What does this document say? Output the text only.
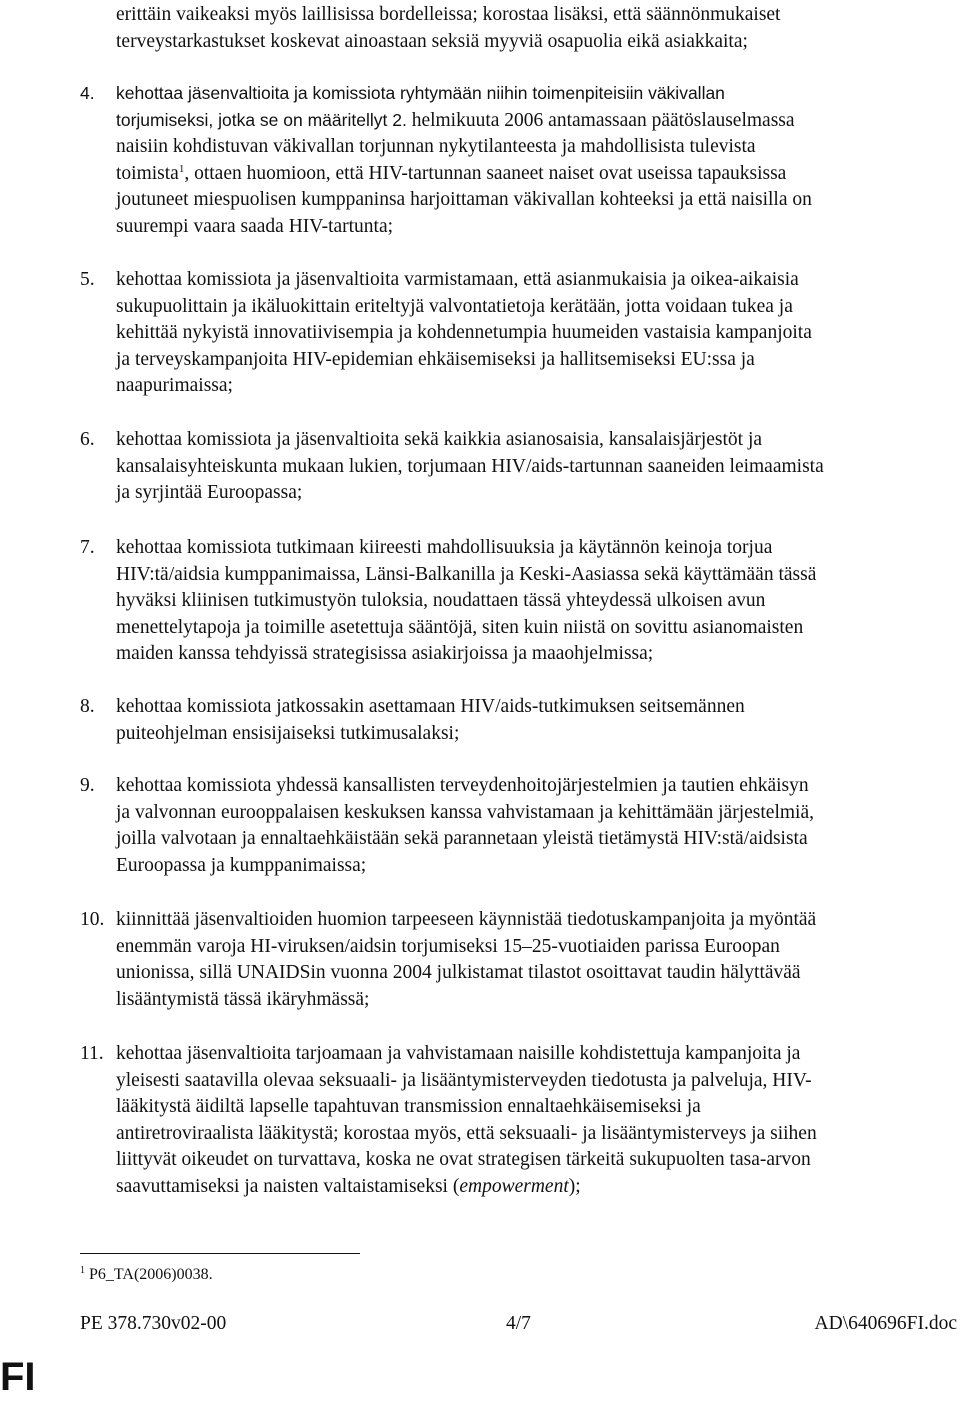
erittäin vaikeaksi myös laillisissa bordelleissa; korostaa lisäksi, että säännönmukaiset
terveystarkastukset koskevat ainoastaan seksiä myyviä osapuolia eikä asiakkaita;
4. kehottaa jäsenvaltioita ja komissiota ryhtymään niihin toimenpiteisiin väkivallan
torjumiseksi, jotka se on määritellyt 2. helmikuuta 2006 antamassaan päätöslauselmassa
naisiin kohdistuvan väkivallan torjunnan nykytilanteesta ja mahdollisista tulevista
toimista$^1$, ottaen huomioon, että HIV-tartunnan saaneet naiset ovat useissa tapauksissa
joutuneet miespuolisen kumppaninsa harjoittaman väkivallan kohteeksi ja että naisilla on
suurempi vaara saada HIV-tartunta;
5. kehottaa komissiota ja jäsenvaltioita varmistamaan, että asianmukaisia ja oikea-aikaisia
sukupuolittain ja ikäluokittain eriteltyjä valvontatietoja kerätään, jotta voidaan tukea ja
kehittää nykyistä innovatiivisempia ja kohdennetumpia huumeiden vastaisia kampanjoita
ja terveyskampanjoita HIV-epidemian ehkäisemiseksi ja hallitsemiseksi EU:ssa ja
naapurimaissa;
6. kehottaa komissiota ja jäsenvaltioita sekä kaikkia asianosaisia, kansalaisjärjestöt ja
kansalaisyhteiskunta mukaan lukien, torjumaan HIV/aids-tartunnan saaneiden leimaamista
ja syrjintää Euroopassa;
7. kehottaa komissiota tutkimaan kiireesti mahdollisuuksia ja käytännön keinoja torjua
HIV:tä/aidsia kumppanimaissa, Länsi-Balkanilla ja Keski-Aasiassa sekä käyttämään tässä
hyväksi kliinisen tutkimustyön tuloksia, noudattaen tässä yhteydessä ulkoisen avun
menettelytapoja ja toimille asetettuja sääntöjä, siten kuin niistä on sovittu asianomaisten
maiden kanssa tehdyissä strategisissa asiakirjoissa ja maaohjelmissa;
8. kehottaa komissiota jatkossakin asettamaan HIV/aids-tutkimuksen seitsemännen
puiteohjelman ensisijaiseksi tutkimusalaksi;
9. kehottaa komissiota yhdessä kansallisten terveydenhoitojärjestelmien ja tautien ehkäisyn
ja valvonnan eurooppalaisen keskuksen kanssa vahvistamaan ja kehittämään järjestelmiä,
joilla valvotaan ja ennaltaehkäistään sekä parannetaan yleistä tietämystä HIV:stä/aidsista
Euroopassa ja kumppanimaissa;
10. kiinnittää jäsenvaltioiden huomion tarpeeseen käynnistää tiedotuskampanjoita ja myöntää
enemmän varoja HI-viruksen/aidsin torjumiseksi 15–25-vuotiaiden parissa Euroopan
unionissa, sillä UNAIDSin vuonna 2004 julkistamat tilastot osoittavat taudin hälyttävää
lisääntymistä tässä ikäryhmässä;
11. kehottaa jäsenvaltioita tarjoamaan ja vahvistamaan naisille kohdistettuja kampanjoita ja
yleisesti saatavilla olevaa seksuaali- ja lisääntymisterveyden tiedotusta ja palveluja, HIV-
lääkitystä äidiltä lapselle tapahtuvan transmission ennaltaehkäisemiseksi ja
antiretroviraalista lääkitystä; korostaa myös, että seksuaali- ja lisääntymisterveys ja siihen
liittyvät oikeudet on turvattava, koska ne ovat strategisen tärkeitä sukupuolten tasa-arvon
saavuttamiseksi ja naisten valtaistamiseksi (empowerment);
$^1$ P6_TA(2006)0038.
PE 378.730v02-00	4/7	AD\640696FI.doc
FI
